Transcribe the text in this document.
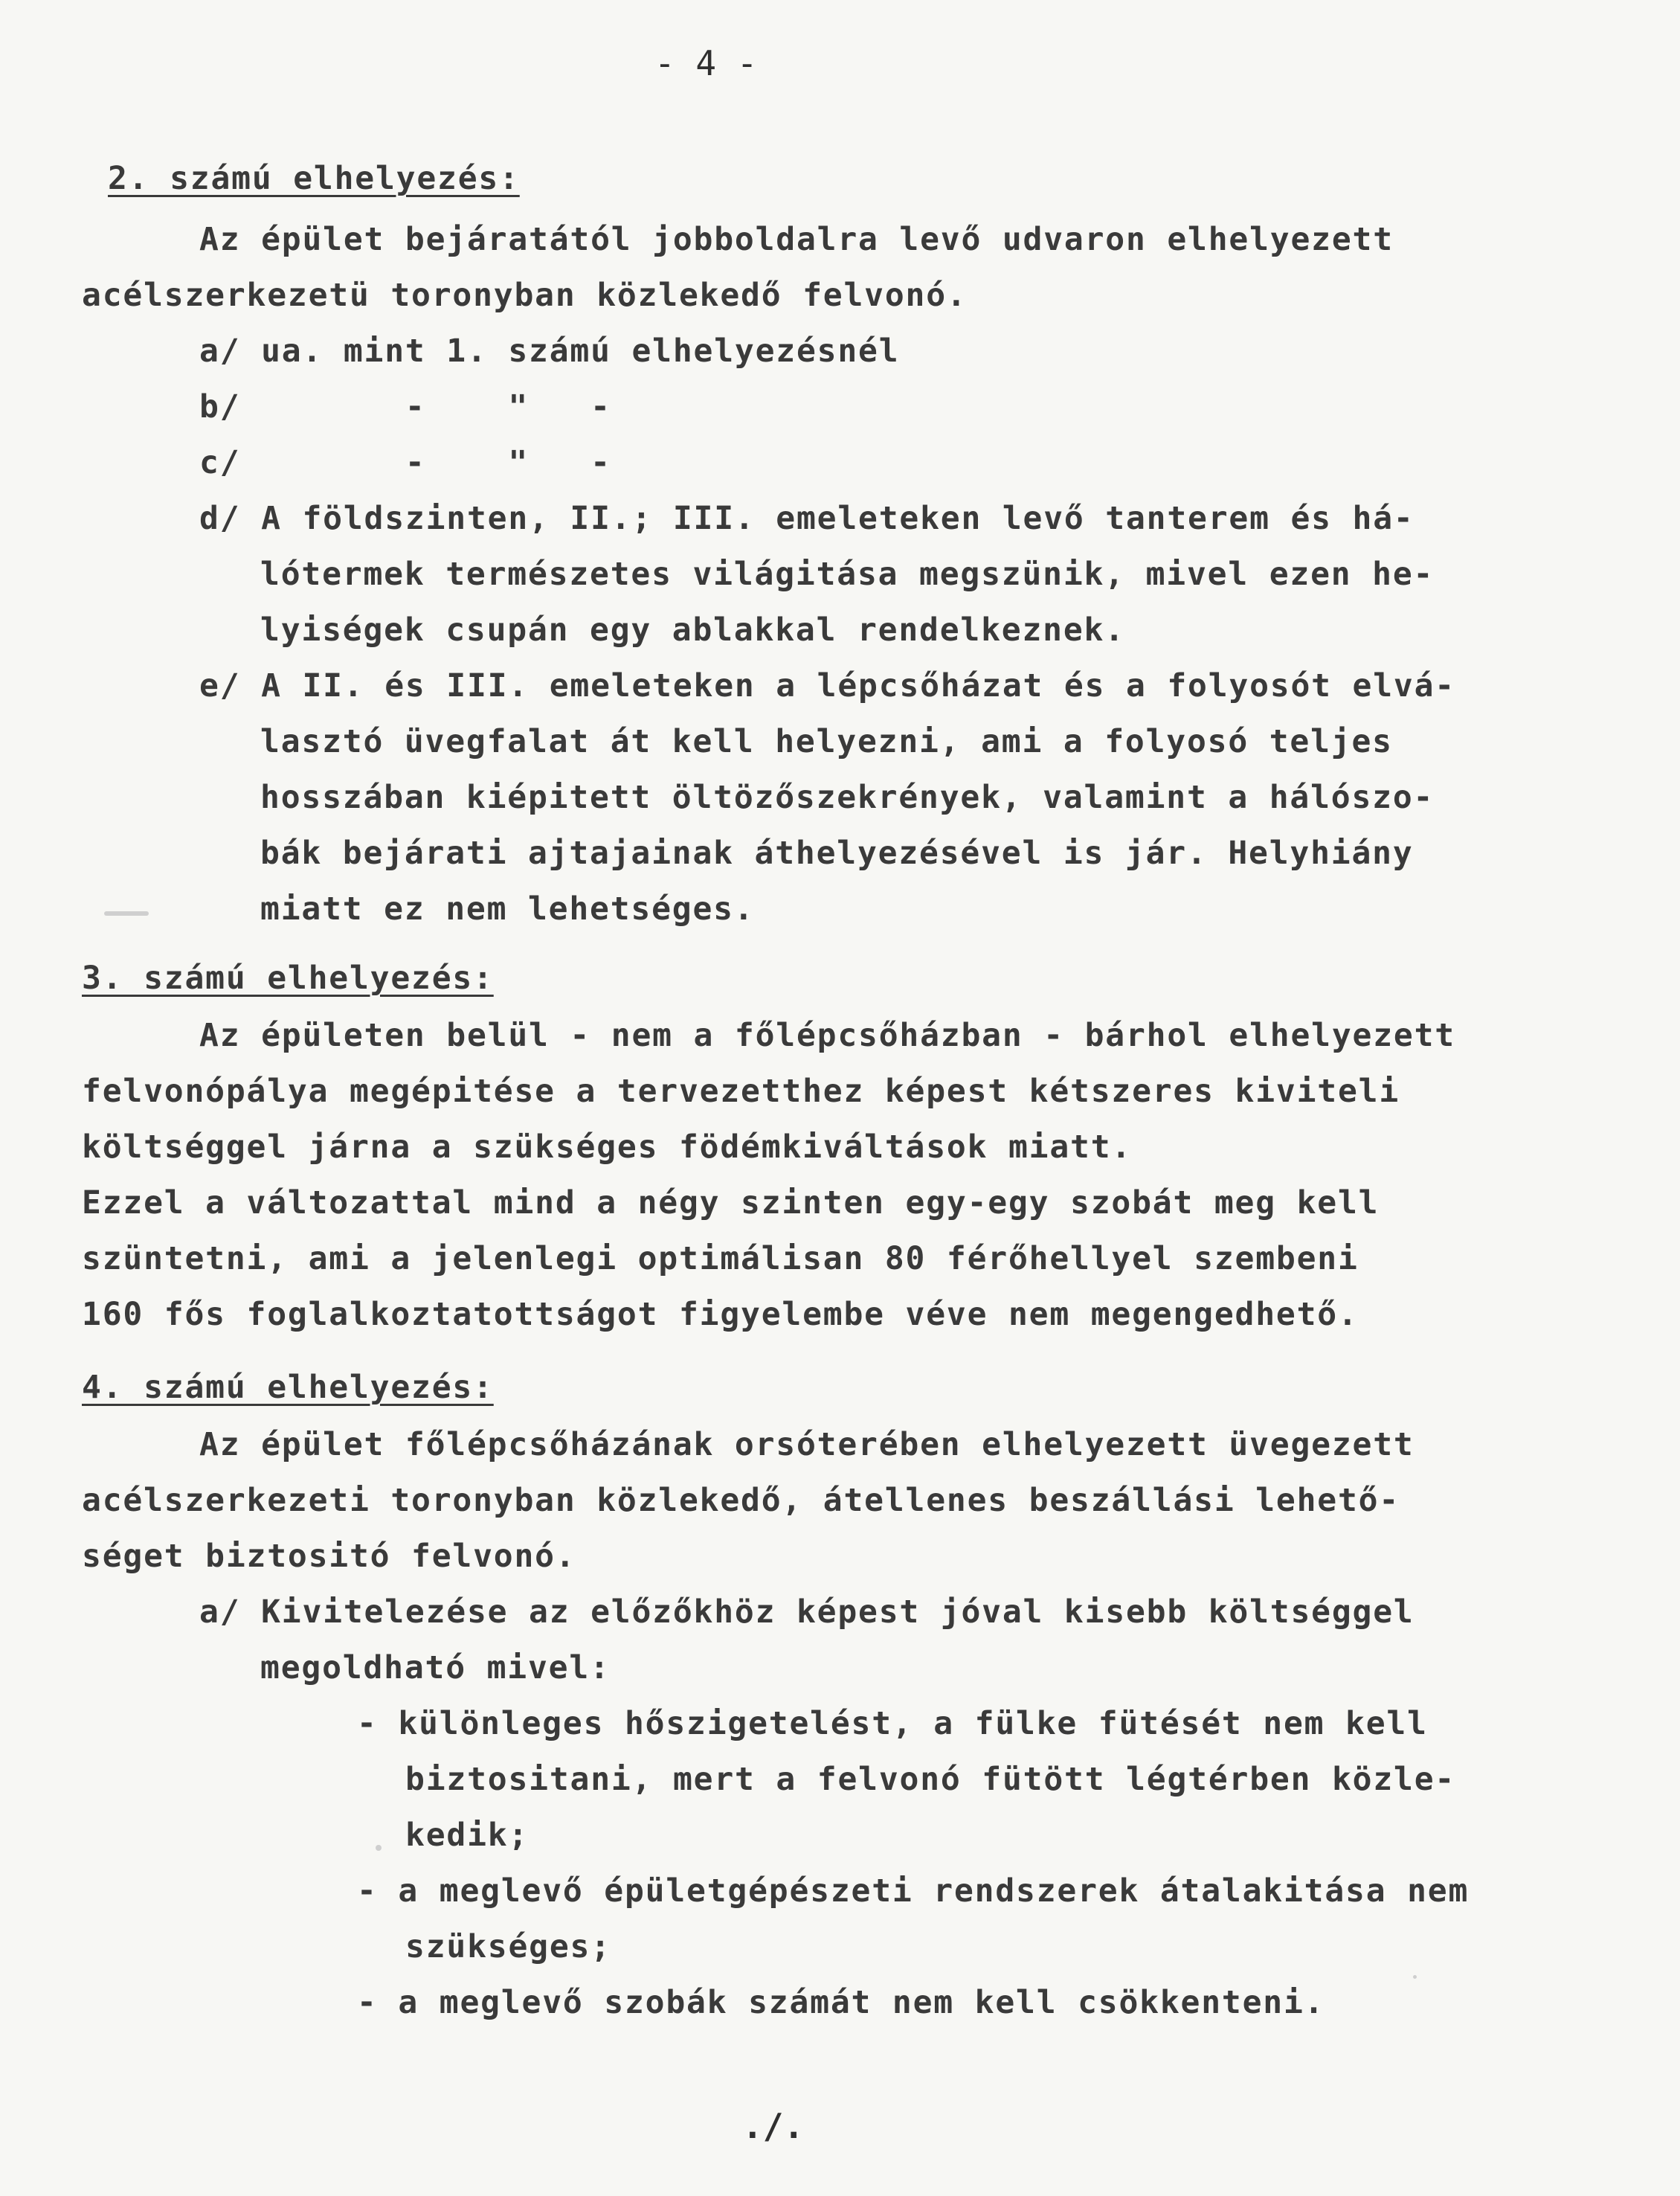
- 4 -
2. számú elhelyezés:
Az épület bejáratától jobboldalra levő udvaron elhelyezett
acélszerkezetü toronyban közlekedő felvonó.
a/ ua. mint 1. számú elhelyezésnél
b/        -    "   -
c/        -    "   -
d/ A földszinten, II.; III. emeleteken levő tanterem és há-
lótermek természetes világitása megszünik, mivel ezen he-
lyiségek csupán egy ablakkal rendelkeznek.
e/ A II. és III. emeleteken a lépcsőházat és a folyosót elvá-
lasztó üvegfalat át kell helyezni, ami a folyosó teljes
hosszában kiépitett öltözőszekrények, valamint a hálószo-
bák bejárati ajtajainak áthelyezésével is jár. Helyhiány
miatt ez nem lehetséges.
3. számú elhelyezés:
Az épületen belül - nem a főlépcsőházban - bárhol elhelyezett
felvonópálya megépitése a tervezetthez képest kétszeres kiviteli
költséggel járna a szükséges födémkiváltások miatt.
Ezzel a változattal mind a négy szinten egy-egy szobát meg kell
szüntetni, ami a jelenlegi optimálisan 80 férőhellyel szembeni
160 fős foglalkoztatottságot figyelembe véve nem megengedhető.
4. számú elhelyezés:
Az épület főlépcsőházának orsóterében elhelyezett üvegezett
acélszerkezeti toronyban közlekedő, átellenes beszállási lehető-
séget biztositó felvonó.
a/ Kivitelezése az előzőkhöz képest jóval kisebb költséggel
megoldható mivel:
- különleges hőszigetelést, a fülke fütését nem kell
biztositani, mert a felvonó fütött légtérben közle-
kedik;
- a meglevő épületgépészeti rendszerek átalakitása nem
szükséges;
- a meglevő szobák számát nem kell csökkenteni.
./.
